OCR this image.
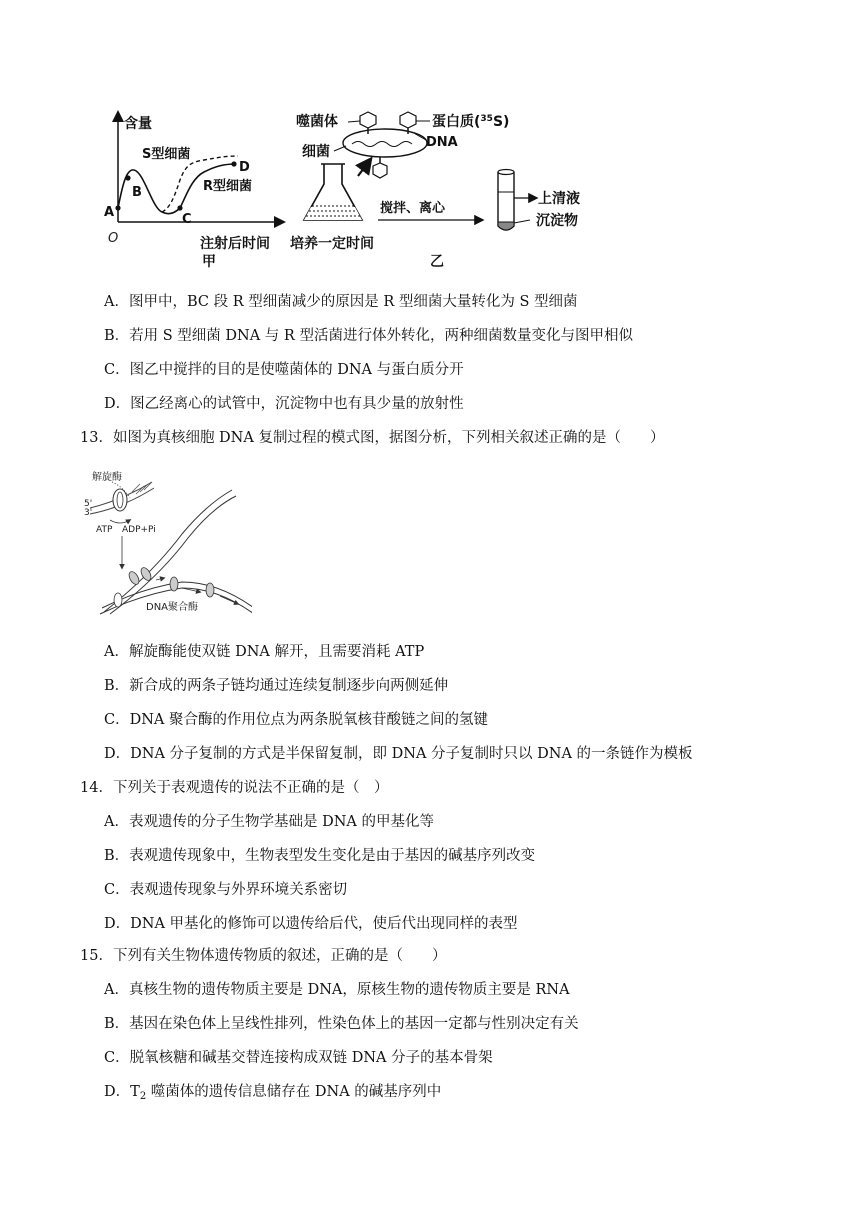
含量
S型细菌
R型细菌
A
B
C
D
O	注射后时间
甲
噬菌体
细菌
蛋白质($^{35}$S)
DNA
培养一定时间
搅拌、离心
上清液
沉淀物
乙
A．图甲中，BC 段 R 型细菌减少的原因是 R 型细菌大量转化为 S 型细菌
B．若用 S 型细菌 DNA 与 R 型活菌进行体外转化，两种细菌数量变化与图甲相似
C．图乙中搅拌的目的是使噬菌体的 DNA 与蛋白质分开
D．图乙经离心的试管中，沉淀物中也有具少量的放射性
13．如图为真核细胞 DNA 复制过程的模式图，据图分析，下列相关叙述正确的是（　　）
解旋酶
5'
3'
ATP ADP+Pi
DNA聚合酶
A．解旋酶能使双链 DNA 解开，且需要消耗 ATP
B．新合成的两条子链均通过连续复制逐步向两侧延伸
C．DNA 聚合酶的作用位点为两条脱氧核苷酸链之间的氢键
D．DNA 分子复制的方式是半保留复制，即 DNA 分子复制时只以 DNA 的一条链作为模板
14．下列关于表观遗传的说法不正确的是（　）
A．表观遗传的分子生物学基础是 DNA 的甲基化等
B．表观遗传现象中，生物表型发生变化是由于基因的碱基序列改变
C．表观遗传现象与外界环境关系密切
D．DNA 甲基化的修饰可以遗传给后代，使后代出现同样的表型
15．下列有关生物体遗传物质的叙述，正确的是（　　）
A．真核生物的遗传物质主要是 DNA，原核生物的遗传物质主要是 RNA
B．基因在染色体上呈线性排列，性染色体上的基因一定都与性别决定有关
C．脱氧核糖和碱基交替连接构成双链 DNA 分子的基本骨架
D．$T_2$ 噬菌体的遗传信息储存在 DNA 的碱基序列中
